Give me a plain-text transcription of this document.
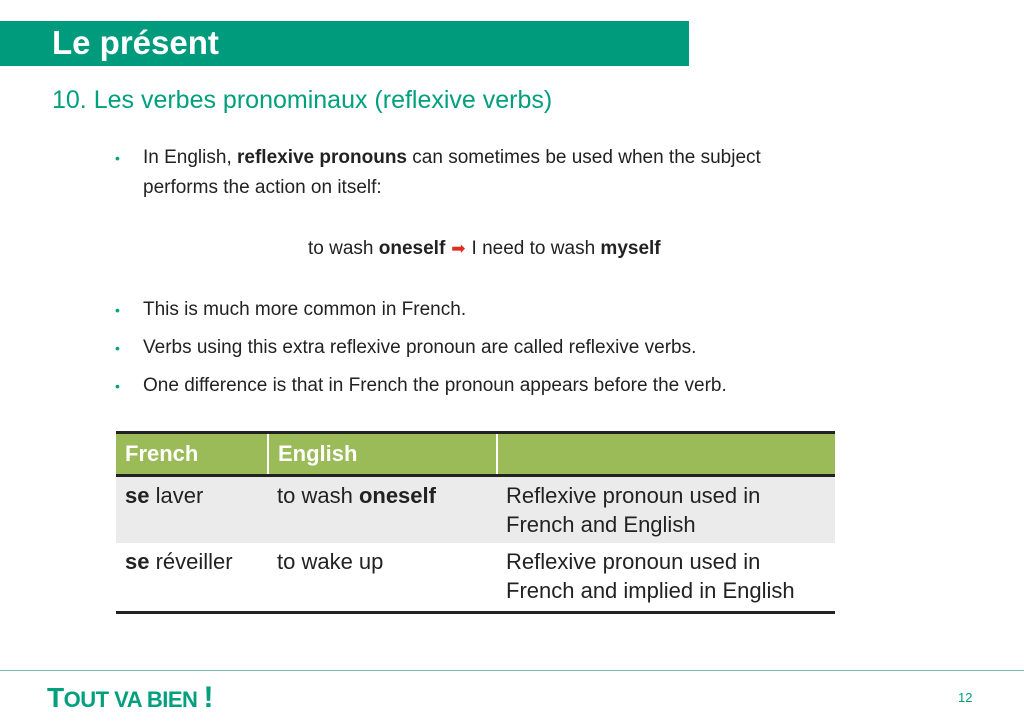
Le présent
10. Les verbes pronominaux (reflexive verbs)
• In English, reflexive pronouns can sometimes be used when the subject
performs the action on itself:
to wash oneself ➡ I need to wash myself
• This is much more common in French.
• Verbs using this extra reflexive pronoun are called reflexive verbs.
• One difference is that in French the pronoun appears before the verb.
French	English	
se laver	to wash oneself	Reflexive pronoun used in
French and English

se réveiller	to wake up	Reflexive pronoun used in
French and implied in English
TOUT VA BIEN !	12
